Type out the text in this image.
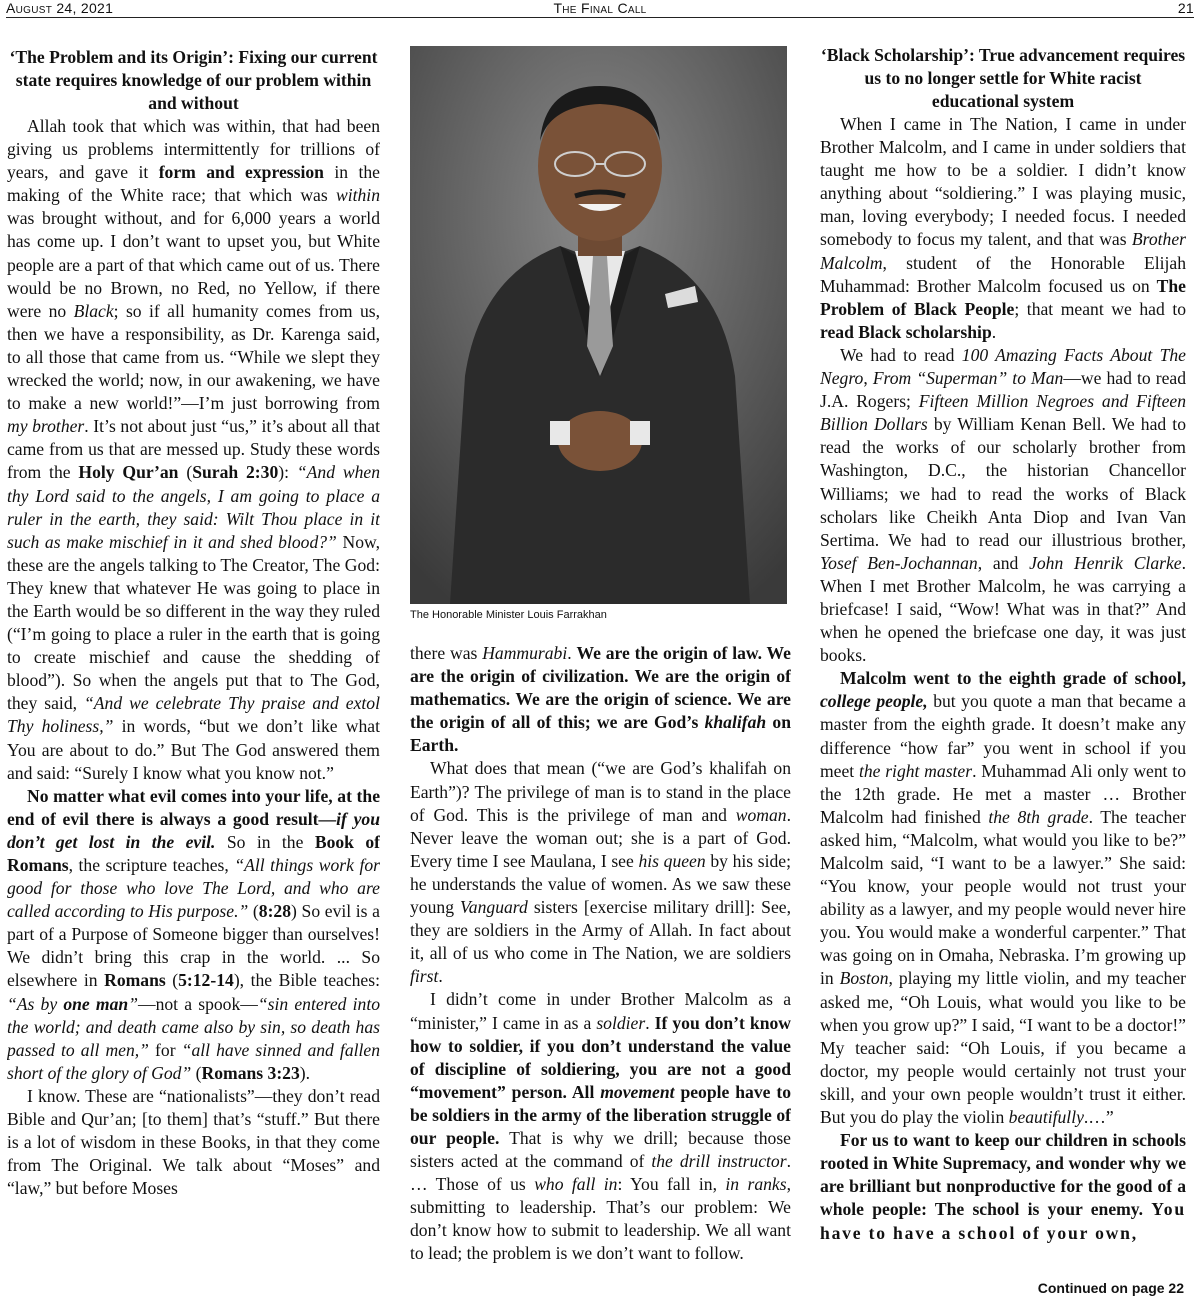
August 24, 2021	The Final Call	21
‘The Problem and its Origin’: Fixing our current state requires knowledge of our problem within and without

Allah took that which was within, that had been giving us problems intermittently for trillions of years, and gave it form and expression in the making of the White race; that which was within was brought without, and for 6,000 years a world has come up. I don’t want to upset you, but White people are a part of that which came out of us. There would be no Brown, no Red, no Yellow, if there were no Black; so if all humanity comes from us, then we have a responsibility, as Dr. Karenga said, to all those that came from us. “While we slept they wrecked the world; now, in our awakening, we have to make a new world!”—I’m just borrowing from my brother. It’s not about just “us,” it’s about all that came from us that are messed up. Study these words from the Holy Qur’an (Surah 2:30): “And when thy Lord said to the angels, I am going to place a ruler in the earth, they said: Wilt Thou place in it such as make mischief in it and shed blood?” Now, these are the angels talking to The Creator, The God: They knew that whatever He was going to place in the Earth would be so different in the way they ruled (“I’m going to place a ruler in the earth that is going to create mischief and cause the shedding of blood”). So when the angels put that to The God, they said, “And we celebrate Thy praise and extol Thy holiness,” in words, “but we don’t like what You are about to do.” But The God answered them and said: “Surely I know what you know not.”

No matter what evil comes into your life, at the end of evil there is always a good result—if you don’t get lost in the evil. So in the Book of Romans, the scripture teaches, “All things work for good for those who love The Lord, and who are called according to His purpose.” (8:28) So evil is a part of a Purpose of Someone bigger than ourselves! We didn’t bring this crap in the world. ... So elsewhere in Romans (5:12-14), the Bible teaches: “As by one man”—not a spook—“sin entered into the world; and death came also by sin, so death has passed to all men,” for “all have sinned and fallen short of the glory of God” (Romans 3:23).

I know. These are “nationalists”—they don’t read Bible and Qur’an; [to them] that’s “stuff.” But there is a lot of wisdom in these Books, in that they come from The Original. We talk about “Moses” and “law,” but before Moses

The Honorable Minister Louis Farrakhan

there was Hammurabi. We are the origin of law. We are the origin of civilization. We are the origin of mathematics. We are the origin of science. We are the origin of all of this; we are God’s khalifah on Earth.

What does that mean (“we are God’s khalifah on Earth”)? The privilege of man is to stand in the place of God. This is the privilege of man and woman. Never leave the woman out; she is a part of God. Every time I see Maulana, I see his queen by his side; he understands the value of women. As we saw these young Vanguard sisters [exercise military drill]: See, they are soldiers in the Army of Allah. In fact about it, all of us who come in The Nation, we are soldiers first.

I didn’t come in under Brother Malcolm as a “minister,” I came in as a soldier. If you don’t know how to soldier, if you don’t understand the value of discipline of soldiering, you are not a good “movement” person. All movement people have to be soldiers in the army of the liberation struggle of our people. That is why we drill; because those sisters acted at the command of the drill instructor. … Those of us who fall in: You fall in, in ranks, submitting to leadership. That’s our problem: We don’t know how to submit to leadership. We all want to lead; the problem is we don’t want to follow.

‘Black Scholarship’: True advancement requires us to no longer settle for White racist educational system

When I came in The Nation, I came in under Brother Malcolm, and I came in under soldiers that taught me how to be a soldier. I didn’t know anything about “soldiering.” I was playing music, man, loving everybody; I needed focus. I needed somebody to focus my talent, and that was Brother Malcolm, student of the Honorable Elijah Muhammad: Brother Malcolm focused us on The Problem of Black People; that meant we had to read Black scholarship.

We had to read 100 Amazing Facts About The Negro, From “Superman” to Man—we had to read J.A. Rogers; Fifteen Million Negroes and Fifteen Billion Dollars by William Kenan Bell. We had to read the works of our scholarly brother from Washington, D.C., the historian Chancellor Williams; we had to read the works of Black scholars like Cheikh Anta Diop and Ivan Van Sertima. We had to read our illustrious brother, Yosef Ben-Jochannan, and John Henrik Clarke. When I met Brother Malcolm, he was carrying a briefcase! I said, “Wow! What was in that?” And when he opened the briefcase one day, it was just books.

Malcolm went to the eighth grade of school, college people, but you quote a man that became a master from the eighth grade. It doesn’t make any difference “how far” you went in school if you meet the right master. Muhammad Ali only went to the 12th grade. He met a master … Brother Malcolm had finished the 8th grade. The teacher asked him, “Malcolm, what would you like to be?” Malcolm said, “I want to be a lawyer.” She said: “You know, your people would not trust your ability as a lawyer, and my people would never hire you. You would make a wonderful carpenter.” That was going on in Omaha, Nebraska. I’m growing up in Boston, playing my little violin, and my teacher asked me, “Oh Louis, what would you like to be when you grow up?” I said, “I want to be a doctor!” My teacher said: “Oh Louis, if you became a doctor, my people would certainly not trust your skill, and your own people wouldn’t trust it either. But you do play the violin beautifully.…”

For us to want to keep our children in schools rooted in White Supremacy, and wonder why we are brilliant but nonproductive for the good of a whole people: The school is your enemy. You have to have a school of your own,

Continued on page 22
